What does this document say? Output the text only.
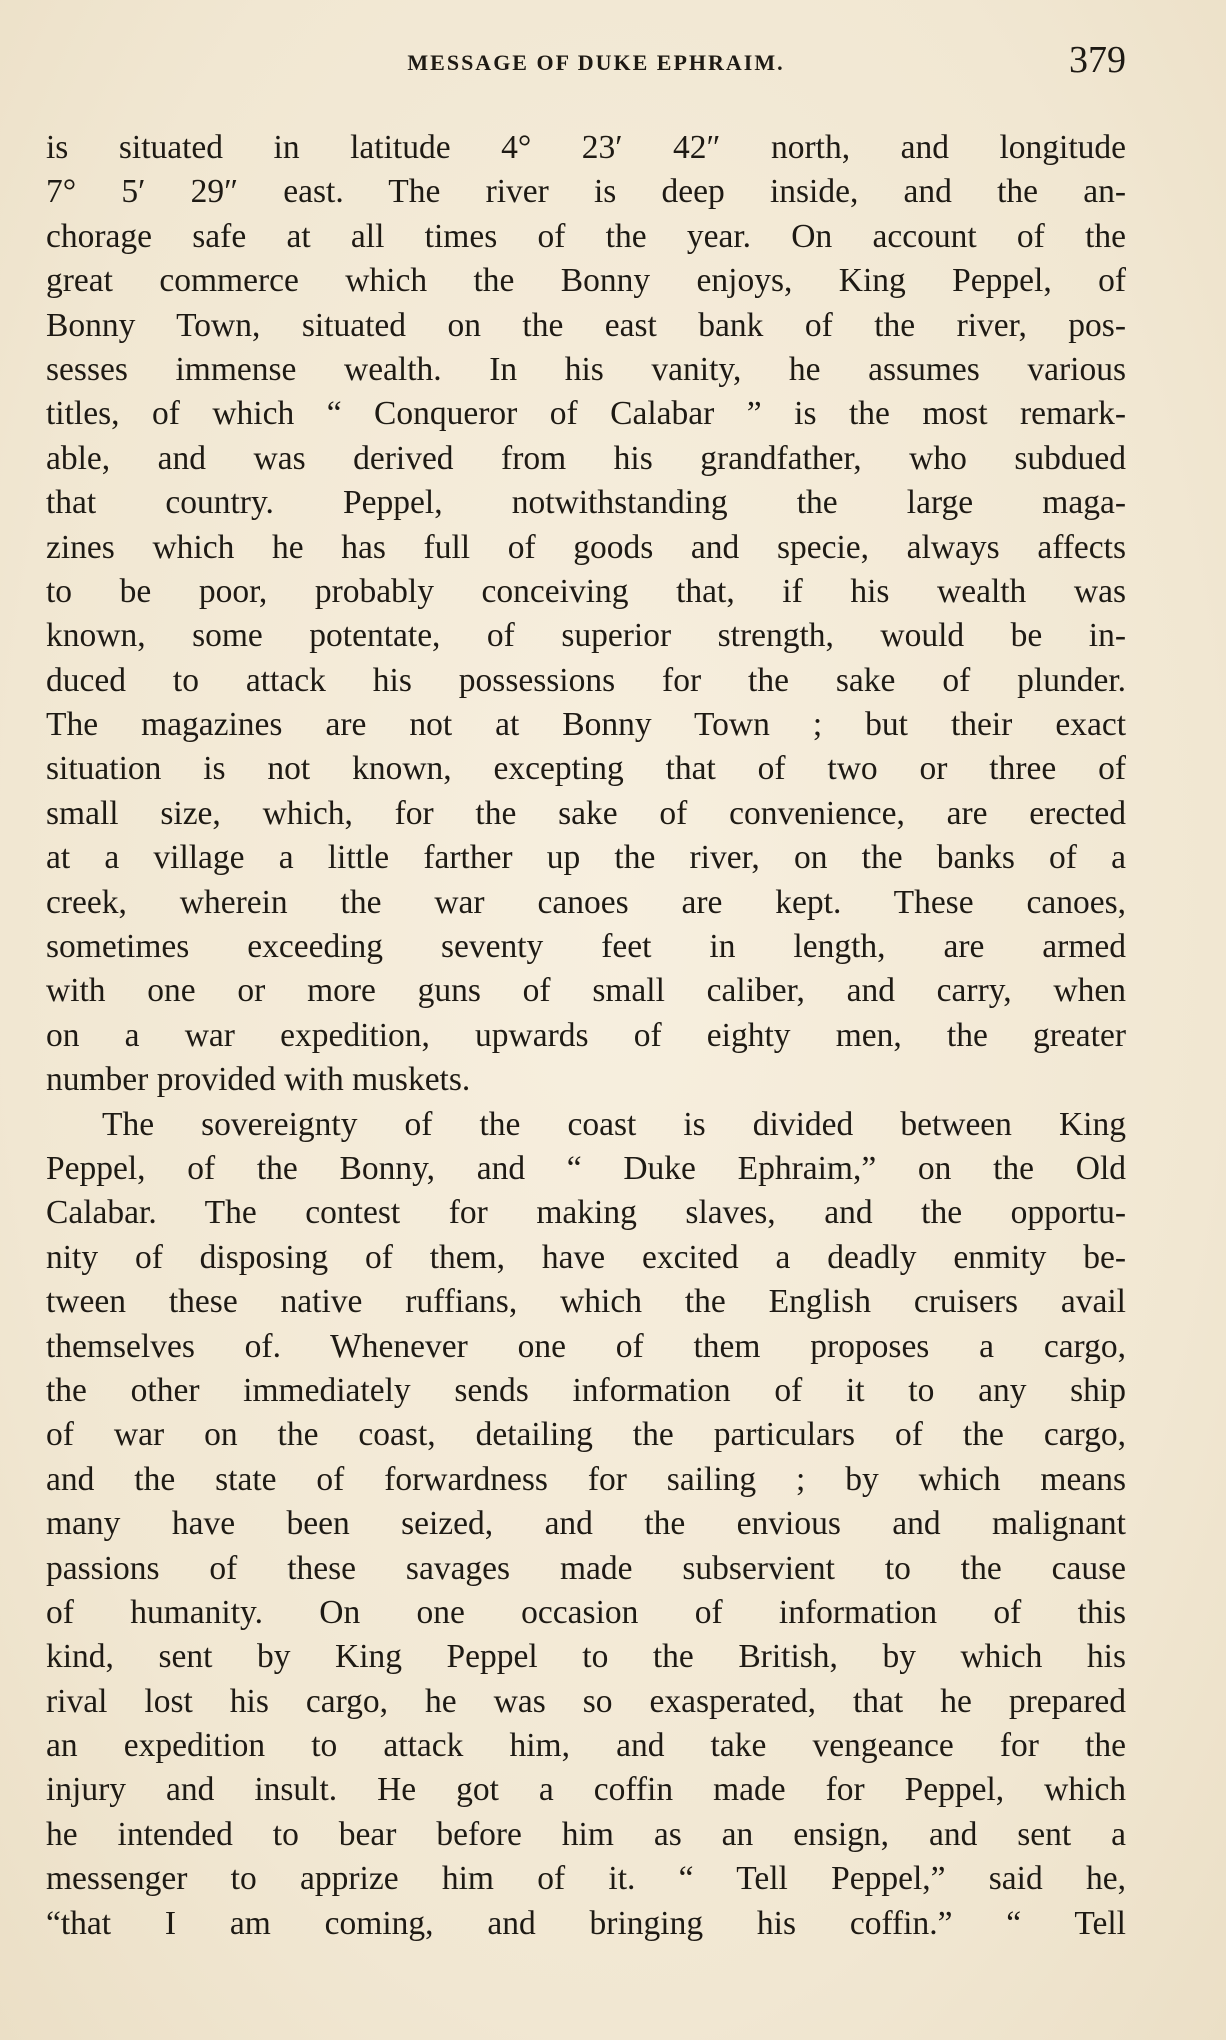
MESSAGE OF DUKE EPHRAIM.	379
is situated in latitude 4° 23′ 42″ north, and longitude
7° 5′ 29″ east. The river is deep inside, and the an-
chorage safe at all times of the year. On account of the
great commerce which the Bonny enjoys, King Peppel, of
Bonny Town, situated on the east bank of the river, pos-
sesses immense wealth. In his vanity, he assumes various
titles, of which “ Conqueror of Calabar ” is the most remark-
able, and was derived from his grandfather, who subdued
that country. Peppel, notwithstanding the large maga-
zines which he has full of goods and specie, always affects
to be poor, probably conceiving that, if his wealth was
known, some potentate, of superior strength, would be in-
duced to attack his possessions for the sake of plunder.
The magazines are not at Bonny Town ; but their exact
situation is not known, excepting that of two or three of
small size, which, for the sake of convenience, are erected
at a village a little farther up the river, on the banks of a
creek, wherein the war canoes are kept. These canoes,
sometimes exceeding seventy feet in length, are armed
with one or more guns of small caliber, and carry, when
on a war expedition, upwards of eighty men, the greater
number provided with muskets.
The sovereignty of the coast is divided between King
Peppel, of the Bonny, and “ Duke Ephraim,” on the Old
Calabar. The contest for making slaves, and the opportu-
nity of disposing of them, have excited a deadly enmity be-
tween these native ruffians, which the English cruisers avail
themselves of. Whenever one of them proposes a cargo,
the other immediately sends information of it to any ship
of war on the coast, detailing the particulars of the cargo,
and the state of forwardness for sailing ; by which means
many have been seized, and the envious and malignant
passions of these savages made subservient to the cause
of humanity. On one occasion of information of this
kind, sent by King Peppel to the British, by which his
rival lost his cargo, he was so exasperated, that he prepared
an expedition to attack him, and take vengeance for the
injury and insult. He got a coffin made for Peppel, which
he intended to bear before him as an ensign, and sent a
messenger to apprize him of it. “ Tell Peppel,” said he,
“that I am coming, and bringing his coffin.” “ Tell
